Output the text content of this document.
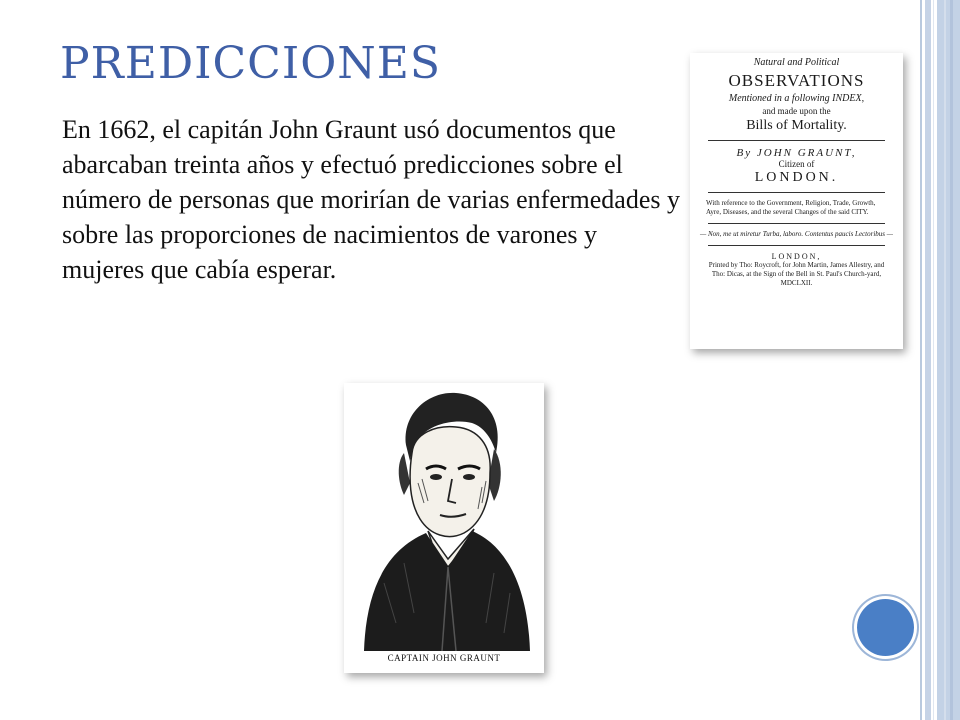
PREDICCIONES
En 1662, el capitán John Graunt usó documentos que abarcaban treinta años y efectuó predicciones sobre el número de personas que morirían de varias enfermedades y sobre las proporciones de nacimientos de varones y mujeres que cabía esperar.
Natural and Political
OBSERVATIONS
Mentioned in a following INDEX,
and made upon the
Bills of Mortality.
By JOHN GRAUNT,
Citizen of
LONDON.
With reference to the Government, Religion, Trade, Growth, Ayre, Diseases, and the several Changes of the said CITY.
— Non, me ut miretur Turba, laboro. Contentus paucis Lectoribus —
LONDON,
Printed by Tho: Roycroft, for John Martin, James Allestry, and Tho: Dicas, at the Sign of the Bell in St. Paul's Church-yard, MDCLXII.
CAPTAIN JOHN GRAUNT
